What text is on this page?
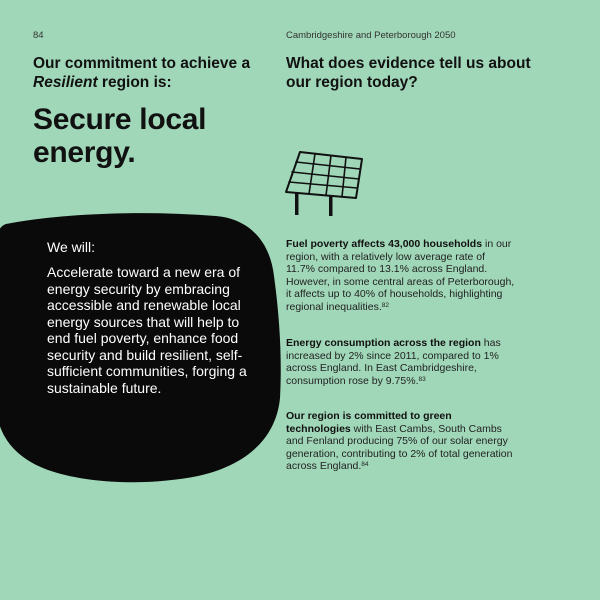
84	Cambridgeshire and Peterborough 2050
Our commitment to achieve a
Resilient region is:
Secure local energy.
What does evidence tell us about our region today?
We will:
Accelerate toward a new era of energy security by embracing accessible and renewable local energy sources that will help to end fuel poverty, enhance food security and build resilient, self-sufficient communities, forging a sustainable future.
Fuel poverty affects 43,000 households in our region, with a relatively low average rate of 11.7% compared to 13.1% across England. However, in some central areas of Peterborough, it affects up to 40% of households, highlighting regional inequalities.$^{82}$
Energy consumption across the region has increased by 2% since 2011, compared to 1% across England. In East Cambridgeshire, consumption rose by 9.75%.$^{83}$
Our region is committed to green technologies with East Cambs, South Cambs and Fenland producing 75% of our solar energy generation, contributing to 2% of total generation across England.$^{84}$
